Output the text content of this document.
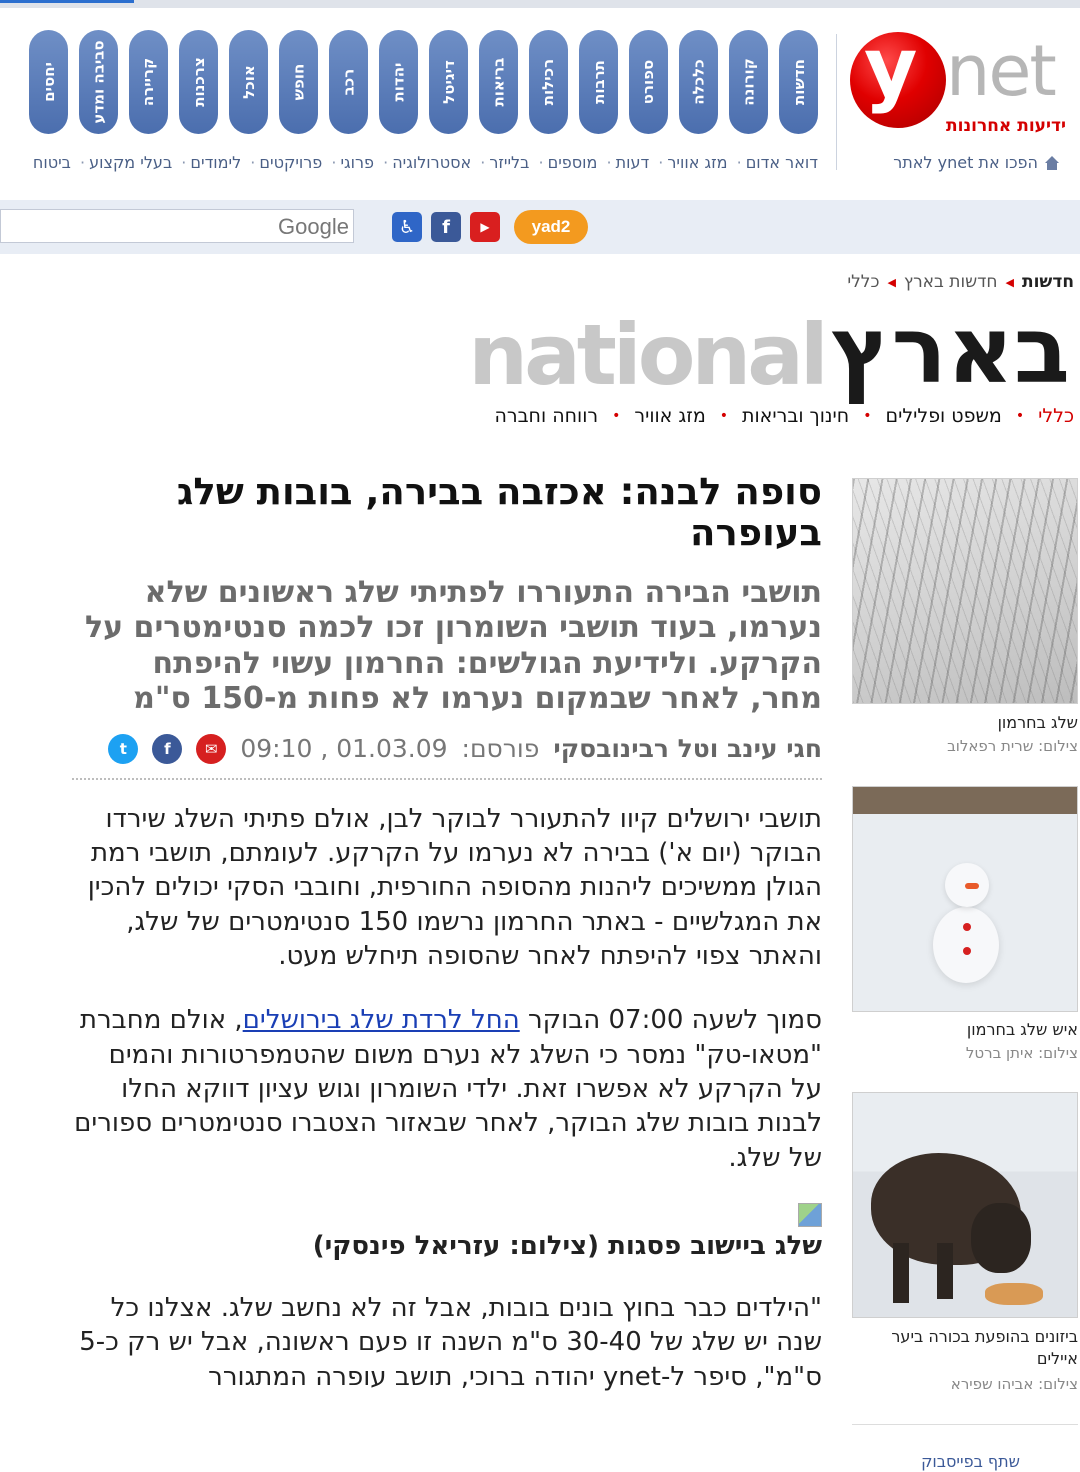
y net
ידיעות אחרונות
הפכו את ynet לאתר
חדשות
קורונה
כלכלה
ספורט
תרבות
רכילות
בריאות
דיגיטל
יהדות
רכב
חופש
אוכל
צרכנות
קריירה
סביבה ומדע
יחסים
דואר אדום· מזג אוויר· דעות· מוספים· בלייזר· אסטרולוגיה· פרוגי· פרויקטים· לימודים· בעלי מקצוע· ביטוח
Google	♿	f	▶	yad2
חדשות
◀
חדשות בארץ
◀
כללי
national בארץ
כללי
•
משפט ופלילים
•
חינוך ובריאות
•
מזג אוויר
•
רווחה וחברה
שלג בחרמון
צילום: שרית רפאלוב
איש שלג בחרמון
צילום: איתן ברטל
ביזונים בהופעת בכורה ביער איילים
צילום: אביהו שפירא
שתף בפייסבוק
סופה לבנה: אכזבה בבירה, בובות שלג בעופרה
תושבי הבירה התעוררו לפתיתי שלג ראשונים שלא נערמו, בעוד תושבי השומרון זכו לכמה סנטימטרים על הקרקע. ולידיעת הגולשים: החרמון עשוי להיפתח מחר, לאחר שבמקום נערמו לא פחות מ-150 ס"מ
חגי עינב וטל רבינובסקי
פורסם:
09:10 , 01.03.09
✉
f
t

תושבי ירושלים קיוו להתעורר לבוקר לבן, אולם פתיתי השלג שירדו הבוקר (יום א') בבירה לא נערמו על הקרקע. לעומתם, תושבי רמת הגולן ממשיכים ליהנות מהסופה החורפית, וחובבי הסקי יכולים להכין את המגלשיים - באתר החרמון נרשמו 150 סנטימטרים של שלג, והאתר צפוי להיפתח לאחר שהסופה תיחלש מעט.

סמוך לשעה 07:00 הבוקר החל לרדת שלג בירושלים, אולם מחברת "מטאו-טק" נמסר כי השלג לא נערם משום שהטמפרטורות והמים על הקרקע לא אפשרו זאת. ילדי השומרון וגוש עציון דווקא החלו לבנות בובות שלג הבוקר, לאחר שבאזור הצטברו סנטימטרים ספורים של שלג.

שלג ביישוב פסגות (צילום: עזריאל פינסקי)

"הילדים כבר בחוץ בונים בובות, אבל זה לא נחשב שלג. אצלנו כל שנה יש שלג של 30-40 ס"מ השנה זו פעם ראשונה, אבל יש רק כ-5 ס"מ", סיפר ל-ynet יהודה ברוכי, תושב עופרה המתגורר
